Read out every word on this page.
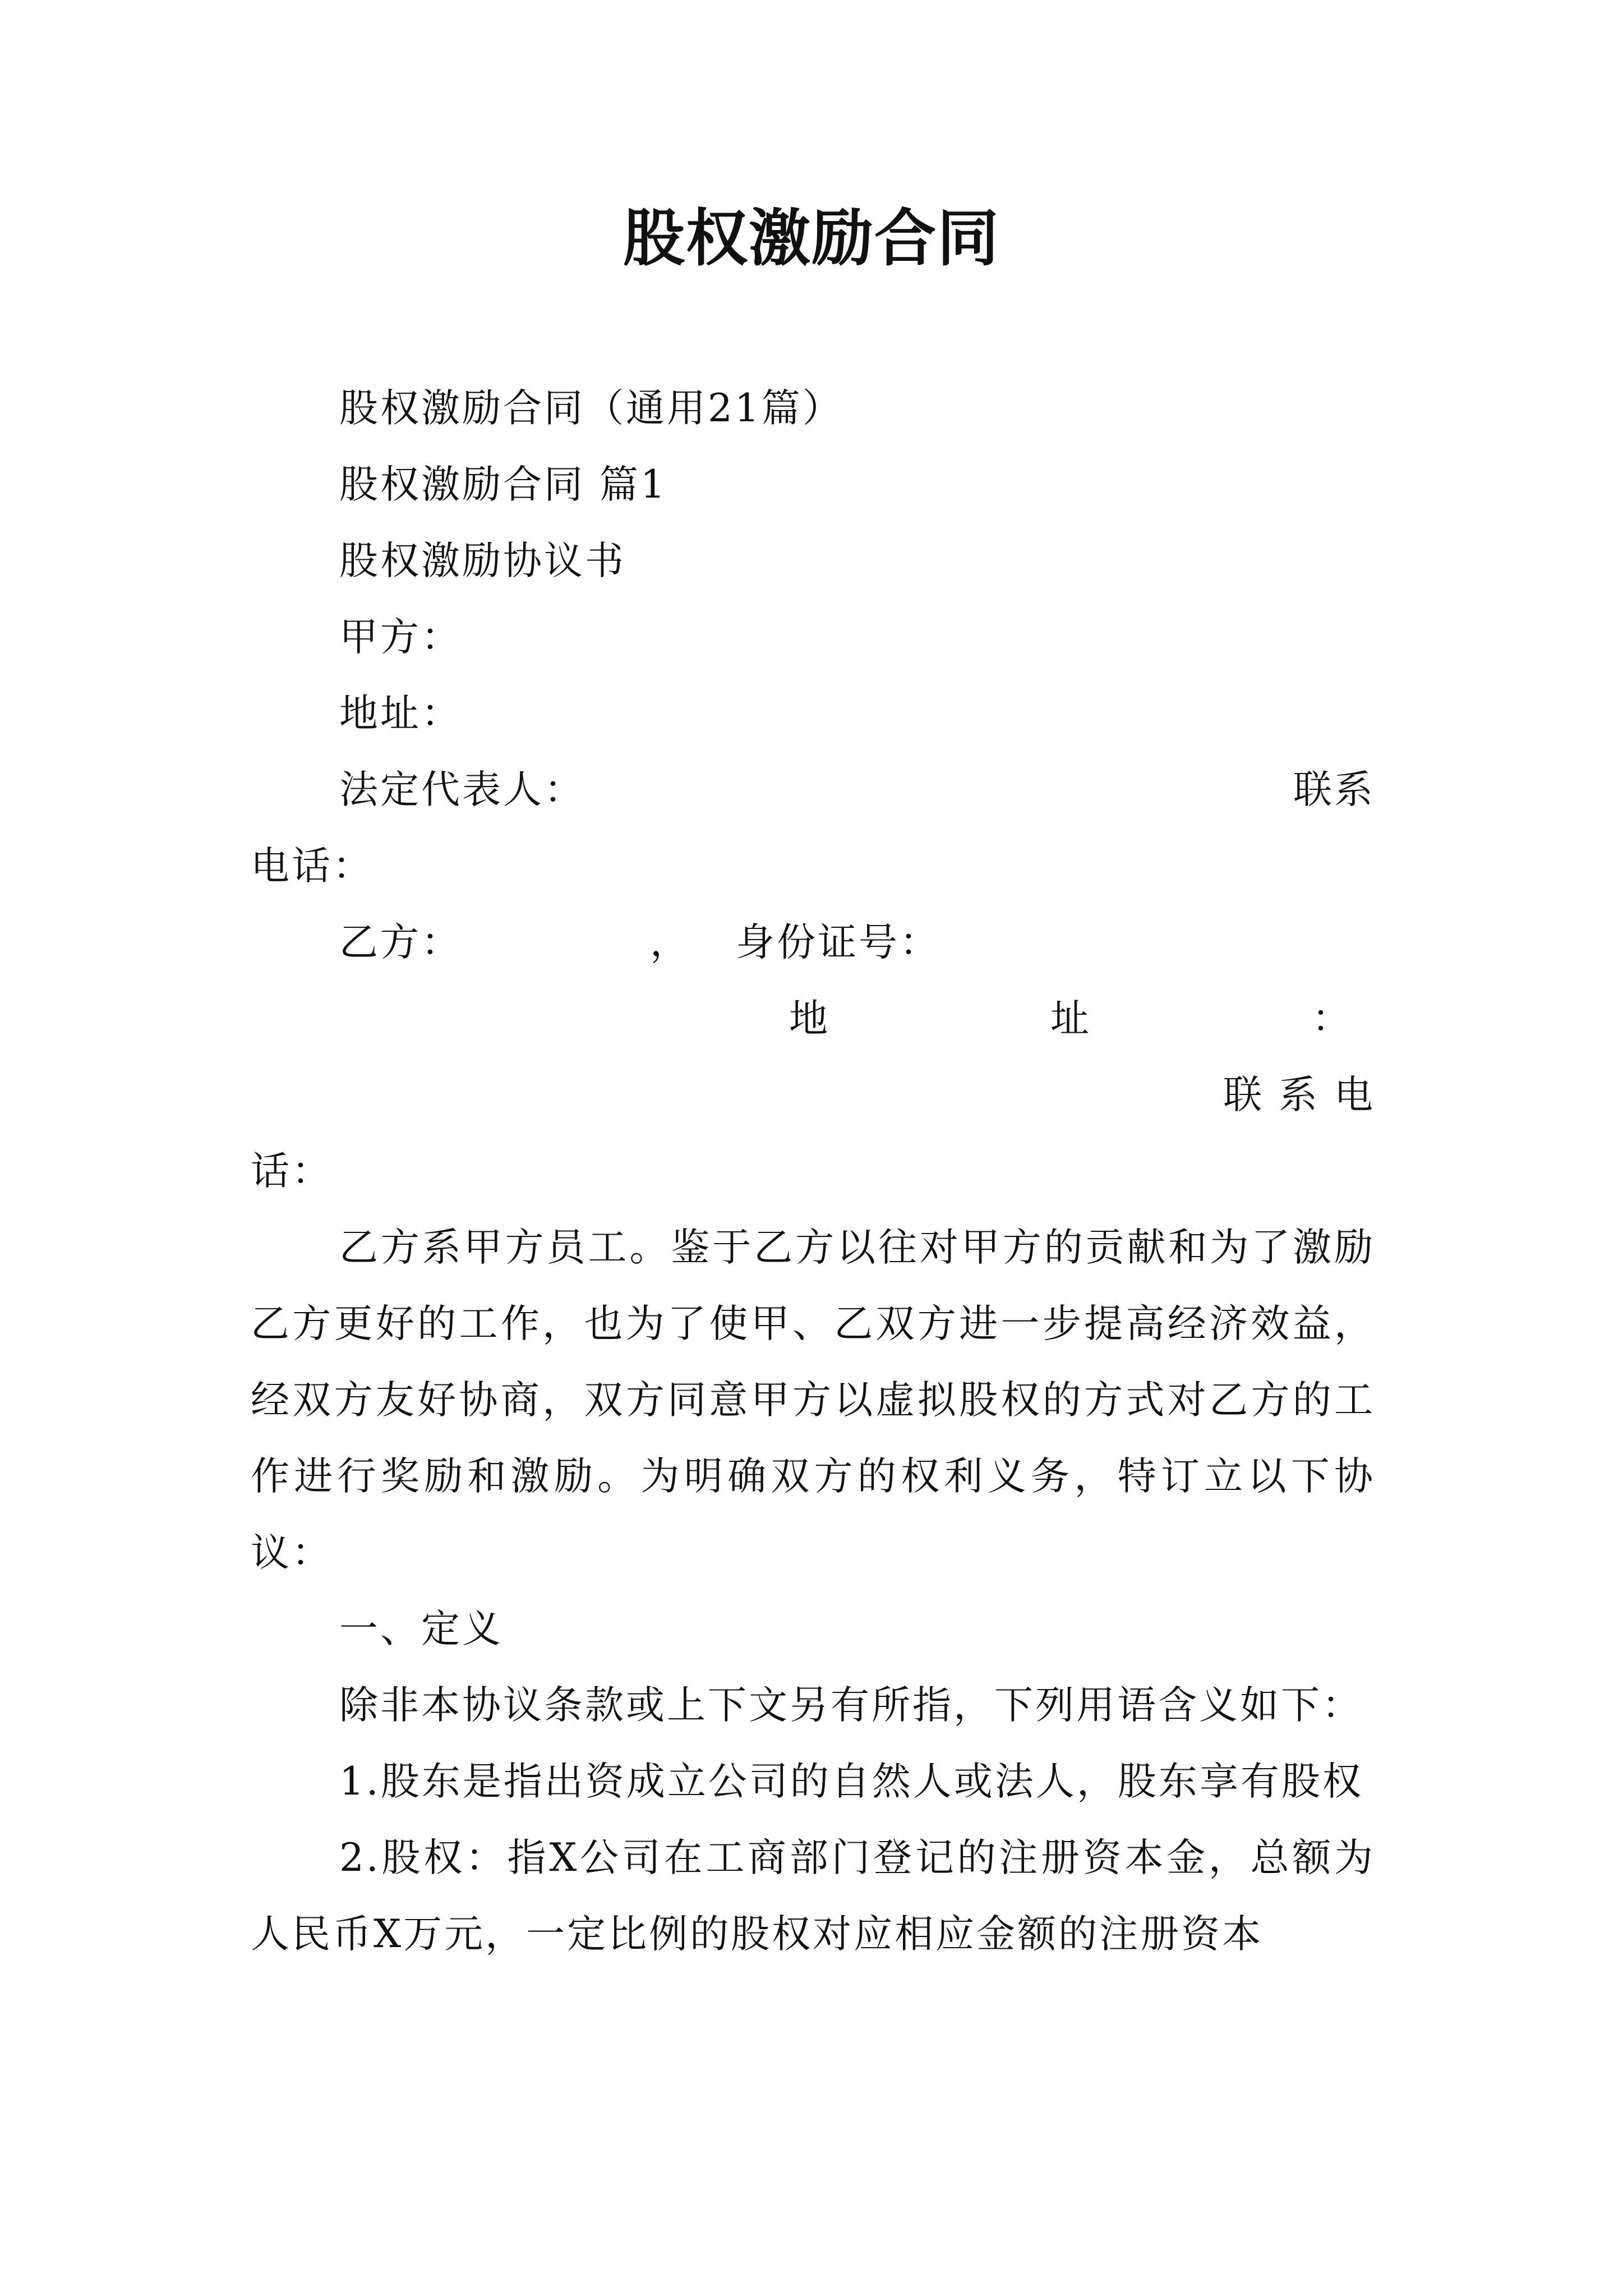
股权激励合同
股权激励合同（通用21篇）
股权激励合同 篇1
股权激励协议书
甲方：
地址：
法定代表人：	联系
电话：
乙方：	， 身份证号：
地	址	：
联 系 电
话：

乙方系甲方员工。鉴于乙方以往对甲方的贡献和为了激励乙方更好的工作，也为了使甲、乙双方进一步提高经济效益，经双方友好协商，双方同意甲方以虚拟股权的方式对乙方的工作进行奖励和激励。为明确双方的权利义务，特订立以下协议：

一、定义
除非本协议条款或上下文另有所指，下列用语含义如下：

1.股东是指出资成立公司的自然人或法人，股东享有股权

2.股权：指X公司在工商部门登记的注册资本金，总额为人民币X万元，一定比例的股权对应相应金额的注册资本
